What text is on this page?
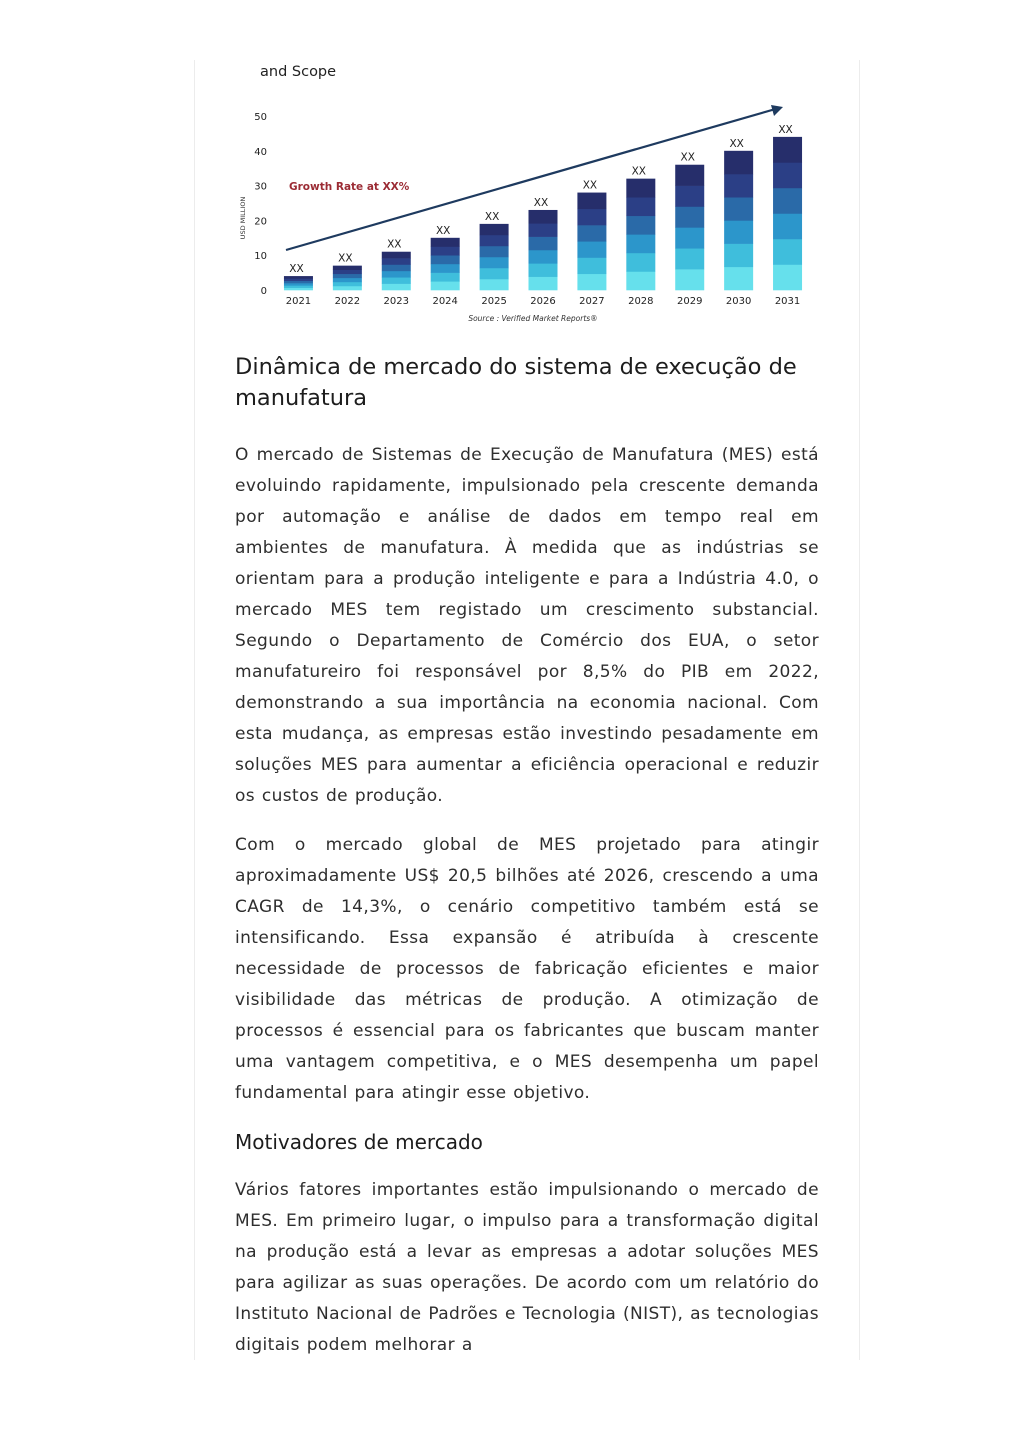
and Scope
USD MILLION
0
10
20
30
40
50
2021 2022 2023 2024 2025 2026 2027 2028 2029 2030 2031
XX
XX
XX
XX
XX
XX
XX
XX
XX
XX
XX
Growth Rate at XX%
Source : Verified Market Reports®
Dinâmica de mercado do sistema de execução de manufatura

O mercado de Sistemas de Execução de Manufatura (MES) está evoluindo rapidamente, impulsionado pela crescente demanda por automação e análise de dados em tempo real em ambientes de manufatura. À medida que as indústrias se orientam para a produção inteligente e para a Indústria 4.0, o mercado MES tem registado um crescimento substancial. Segundo o Departamento de Comércio dos EUA, o setor manufatureiro foi responsável por 8,5% do PIB em 2022, demonstrando a sua importância na economia nacional. Com esta mudança, as empresas estão investindo pesadamente em soluções MES para aumentar a eficiência operacional e reduzir os custos de produção.

Com o mercado global de MES projetado para atingir aproximadamente US$ 20,5 bilhões até 2026, crescendo a uma CAGR de 14,3%, o cenário competitivo também está se intensificando. Essa expansão é atribuída à crescente necessidade de processos de fabricação eficientes e maior visibilidade das métricas de produção. A otimização de processos é essencial para os fabricantes que buscam manter uma vantagem competitiva, e o MES desempenha um papel fundamental para atingir esse objetivo.

Motivadores de mercado

Vários fatores importantes estão impulsionando o mercado de MES. Em primeiro lugar, o impulso para a transformação digital na produção está a levar as empresas a adotar soluções MES para agilizar as suas operações. De acordo com um relatório do Instituto Nacional de Padrões e Tecnologia (NIST), as tecnologias digitais podem melhorar a
